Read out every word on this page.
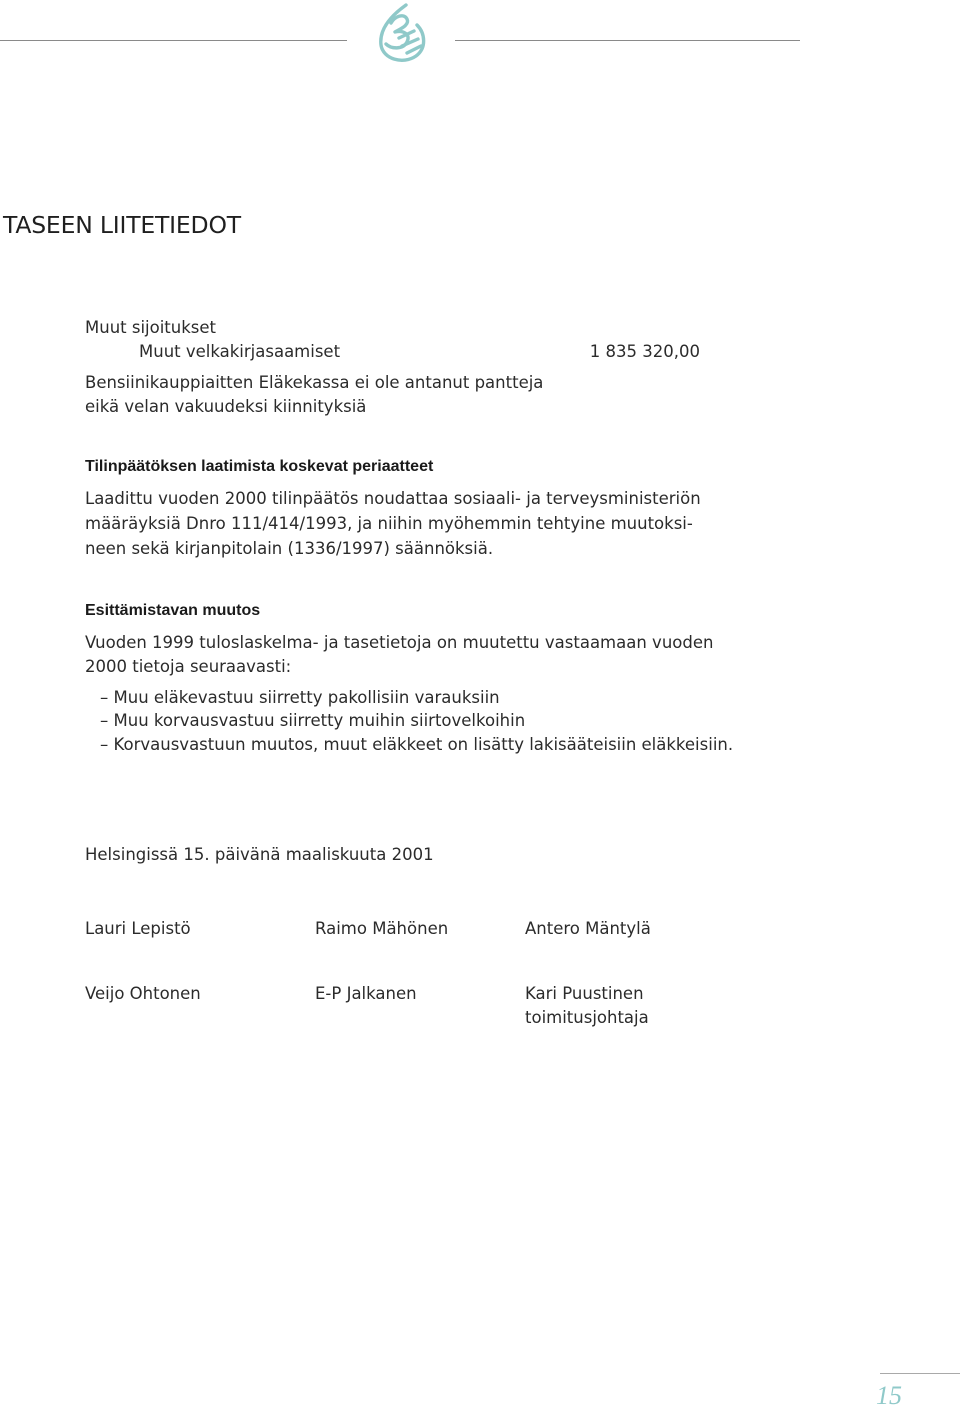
TASEEN LIITETIEDOT
Muut sijoitukset
Muut velkakirjasaamiset	1 835 320,00
Bensiinikauppiaitten Eläkekassa ei ole antanut pantteja
eikä velan vakuudeksi kiinnityksiä
Tilinpäätöksen laatimista koskevat periaatteet
Laadittu vuoden 2000 tilinpäätös noudattaa sosiaali- ja terveysministeriön
määräyksiä Dnro 111/414/1993, ja niihin myöhemmin tehtyine muutoksi-
neen sekä kirjanpitolain (1336/1997) säännöksiä.
Esittämistavan muutos
Vuoden 1999 tuloslaskelma- ja tasetietoja on muutettu vastaamaan vuoden
2000 tietoja seuraavasti:
– Muu eläkevastuu siirretty pakollisiin varauksiin
– Muu korvausvastuu siirretty muihin siirtovelkoihin
– Korvausvastuun muutos, muut eläkkeet on lisätty lakisääteisiin eläkkeisiin.
Helsingissä 15. päivänä maaliskuuta 2001
Lauri Lepistö	Raimo Mähönen	Antero Mäntylä
Veijo Ohtonen	E-P Jalkanen	Kari Puustinen
toimitusjohtaja
15
